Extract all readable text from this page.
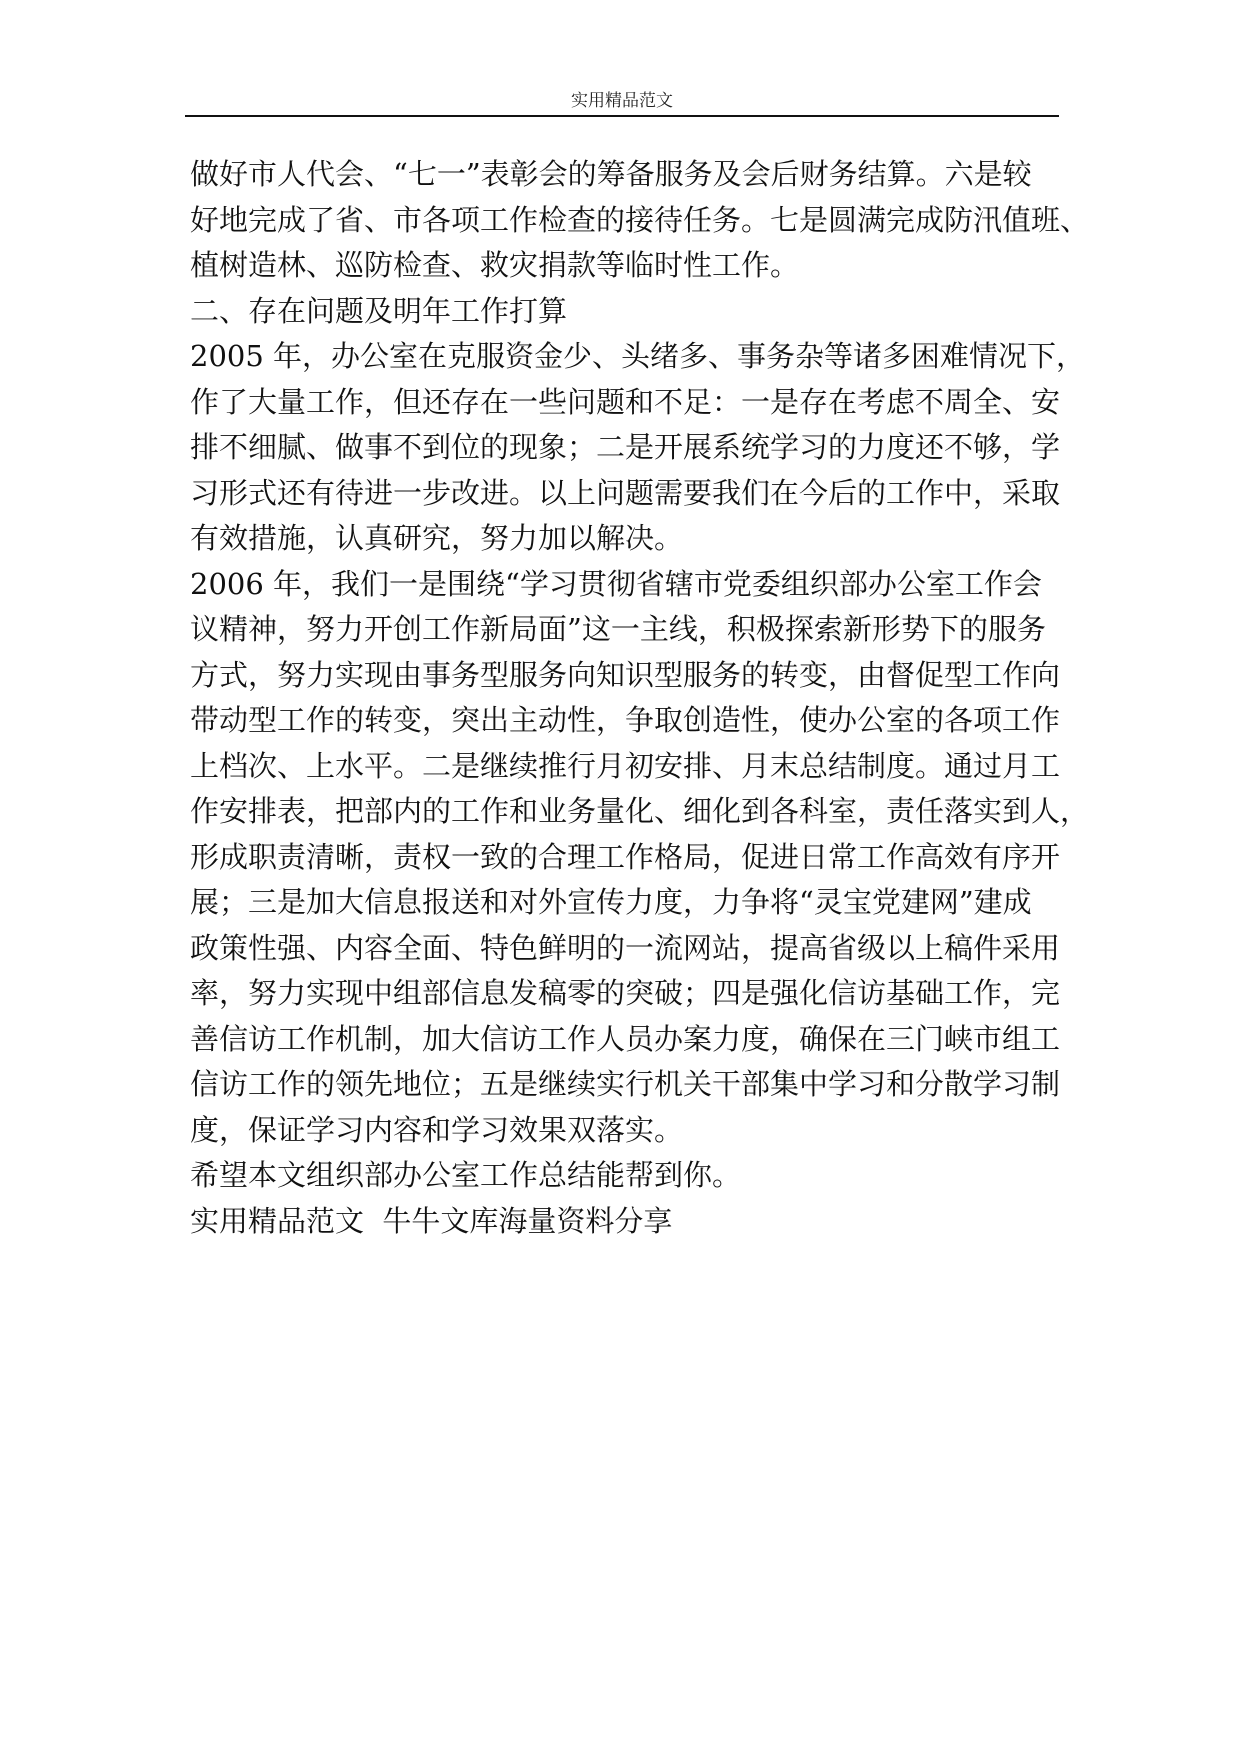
实用精品范文
做好市人代会、“七一”表彰会的筹备服务及会后财务结算。六是较
好地完成了省、市各项工作检查的接待任务。七是圆满完成防汛值班、
植树造林、巡防检查、救灾捐款等临时性工作。
二、存在问题及明年工作打算
2005 年，办公室在克服资金少、头绪多、事务杂等诸多困难情况下，
作了大量工作，但还存在一些问题和不足：一是存在考虑不周全、安
排不细腻、做事不到位的现象；二是开展系统学习的力度还不够，学
习形式还有待进一步改进。以上问题需要我们在今后的工作中，采取
有效措施，认真研究，努力加以解决。
2006 年，我们一是围绕“学习贯彻省辖市党委组织部办公室工作会
议精神，努力开创工作新局面”这一主线，积极探索新形势下的服务
方式，努力实现由事务型服务向知识型服务的转变，由督促型工作向
带动型工作的转变，突出主动性，争取创造性，使办公室的各项工作
上档次、上水平。二是继续推行月初安排、月末总结制度。通过月工
作安排表，把部内的工作和业务量化、细化到各科室，责任落实到人，
形成职责清晰，责权一致的合理工作格局，促进日常工作高效有序开
展；三是加大信息报送和对外宣传力度，力争将“灵宝党建网”建成
政策性强、内容全面、特色鲜明的一流网站，提高省级以上稿件采用
率，努力实现中组部信息发稿零的突破；四是强化信访基础工作，完
善信访工作机制，加大信访工作人员办案力度，确保在三门峡市组工
信访工作的领先地位；五是继续实行机关干部集中学习和分散学习制
度，保证学习内容和学习效果双落实。
希望本文组织部办公室工作总结能帮到你。
实用精品范文  牛牛文库海量资料分享
